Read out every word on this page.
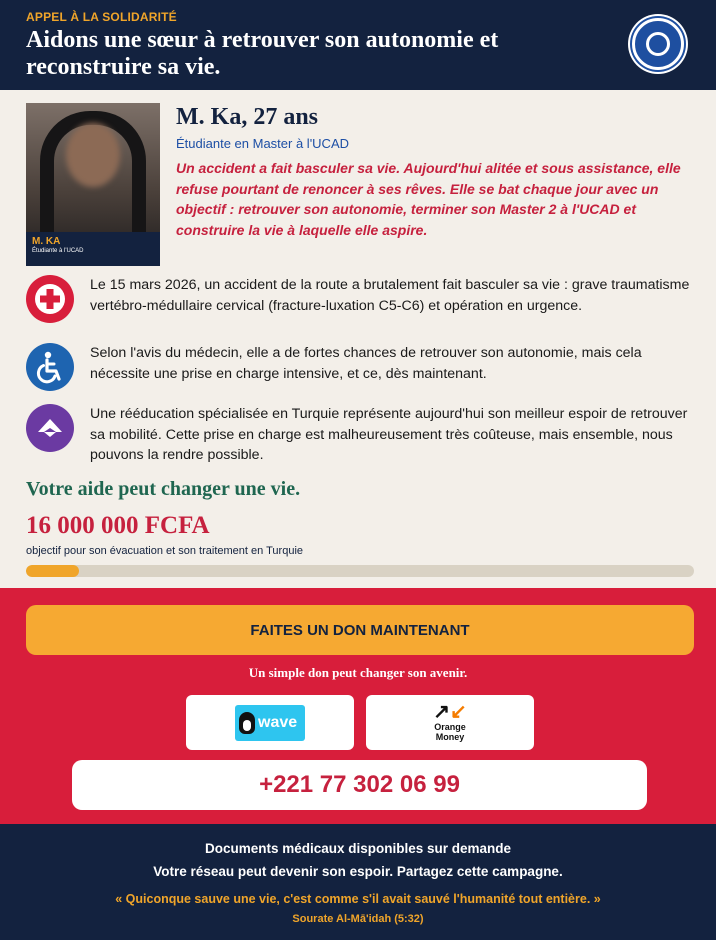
APPEL À LA SOLIDARITÉ
Aidons une sœur à retrouver son autonomie et reconstruire sa vie.
M. KA
Étudiante à l'UCAD
M. Ka, 27 ans
Étudiante en Master à l'UCAD
Un accident a fait basculer sa vie. Aujourd'hui alitée et sous assistance, elle refuse pourtant de renoncer à ses rêves. Elle se bat chaque jour avec un objectif : retrouver son autonomie, terminer son Master 2 à l'UCAD et construire la vie à laquelle elle aspire.
Le 15 mars 2026, un accident de la route a brutalement fait basculer sa vie : grave traumatisme vertébro-médullaire cervical (fracture-luxation C5-C6) et opération en urgence.
Selon l'avis du médecin, elle a de fortes chances de retrouver son autonomie, mais cela nécessite une prise en charge intensive, et ce, dès maintenant.
Une rééducation spécialisée en Turquie représente aujourd'hui son meilleur espoir de retrouver sa mobilité. Cette prise en charge est malheureusement très coûteuse, mais ensemble, nous pouvons la rendre possible.
Votre aide peut changer une vie.
16 000 000 FCFA
objectif pour son évacuation et son traitement en Turquie
FAITES UN DON MAINTENANT
Un simple don peut changer son avenir.
wave	↗↙
Orange
Money
+221 77 302 06 99
Documents médicaux disponibles sur demande
Votre réseau peut devenir son espoir. Partagez cette campagne.
« Quiconque sauve une vie, c'est comme s'il avait sauvé l'humanité tout entière. »
Sourate Al-Mā'idah (5:32)
